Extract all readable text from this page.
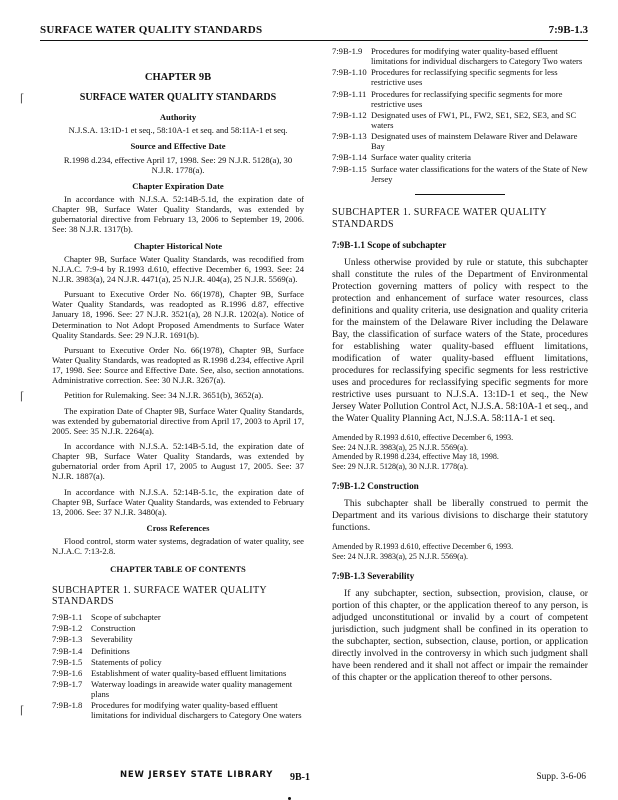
SURFACE WATER QUALITY STANDARDS	7:9B-1.3
⌈
⌈
⌈
CHAPTER 9B
SURFACE WATER QUALITY STANDARDS
Authority

N.J.S.A. 13:1D-1 et seq., 58:10A-1 et seq. and 58:11A-1 et seq.

Source and Effective Date

R.1998 d.234, effective April 17, 1998. See: 29 N.J.R. 5128(a), 30 N.J.R. 1778(a).

Chapter Expiration Date

In accordance with N.J.S.A. 52:14B-5.1d, the expiration date of Chapter 9B, Surface Water Quality Standards, was extended by gubernatorial directive from February 13, 2006 to September 19, 2006. See: 38 N.J.R. 1317(b).

Chapter Historical Note

Chapter 9B, Surface Water Quality Standards, was recodified from N.J.A.C. 7:9-4 by R.1993 d.610, effective December 6, 1993. See: 24 N.J.R. 3983(a), 24 N.J.R. 4471(a), 25 N.J.R. 404(a), 25 N.J.R. 5569(a).

Pursuant to Executive Order No. 66(1978), Chapter 9B, Surface Water Quality Standards, was readopted as R.1996 d.87, effective January 18, 1996. See: 27 N.J.R. 3521(a), 28 N.J.R. 1202(a). Notice of Determination to Not Adopt Proposed Amendments to Surface Water Quality Standards. See: 29 N.J.R. 1691(b).

Pursuant to Executive Order No. 66(1978), Chapter 9B, Surface Water Quality Standards, was readopted as R.1998 d.234, effective April 17, 1998. See: Source and Effective Date. See, also, section annotations. Administrative correction. See: 30 N.J.R. 3267(a).

Petition for Rulemaking. See: 34 N.J.R. 3651(b), 3652(a).

The expiration Date of Chapter 9B, Surface Water Quality Standards, was extended by gubernatorial directive from April 17, 2003 to April 17, 2005. See: 35 N.J.R. 2264(a).

In accordance with N.J.S.A. 52:14B-5.1d, the expiration date of Chapter 9B, Surface Water Quality Standards, was extended by gubernatorial order from April 17, 2005 to August 17, 2005. See: 37 N.J.R. 1887(a).

In accordance with N.J.S.A. 52:14B-5.1c, the expiration date of Chapter 9B, Surface Water Quality Standards, was extended to February 13, 2006. See: 37 N.J.R. 3480(a).

Cross References

Flood control, storm water systems, degradation of water quality, see N.J.A.C. 7:13-2.8.

CHAPTER TABLE OF CONTENTS
SUBCHAPTER 1. SURFACE WATER QUALITY STANDARDS
7:9B-1.1	Scope of subchapter
7:9B-1.2	Construction
7:9B-1.3	Severability
7:9B-1.4	Definitions
7:9B-1.5	Statements of policy
7:9B-1.6	Establishment of water quality-based effluent limitations
7:9B-1.7	Waterway loadings in areawide water quality management plans
7:9B-1.8	Procedures for modifying water quality-based effluent limitations for individual dischargers to Category One waters
7:9B-1.9	Procedures for modifying water quality-based effluent limitations for individual dischargers to Category Two waters
7:9B-1.10 Procedures for reclassifying specific segments for less restrictive uses
7:9B-1.11 Procedures for reclassifying specific segments for more restrictive uses
7:9B-1.12 Designated uses of FW1, PL, FW2, SE1, SE2, SE3, and SC waters
7:9B-1.13 Designated uses of mainstem Delaware River and Delaware Bay
7:9B-1.14 Surface water quality criteria
7:9B-1.15 Surface water classifications for the waters of the State of New Jersey
SUBCHAPTER 1. SURFACE WATER QUALITY STANDARDS
7:9B-1.1 Scope of subchapter

Unless otherwise provided by rule or statute, this subchapter shall constitute the rules of the Department of Environmental Protection governing matters of policy with respect to the protection and enhancement of surface water resources, class definitions and quality criteria, use designation and quality criteria for the mainstem of the Delaware River including the Delaware Bay, the classification of surface waters of the State, procedures for establishing water quality-based effluent limitations, modification of water quality-based effluent limitations, procedures for reclassifying specific segments for less restrictive uses and procedures for reclassifying specific segments for more restrictive uses pursuant to N.J.S.A. 13:1D-1 et seq., the New Jersey Water Pollution Control Act, N.J.S.A. 58:10A-1 et seq., and the Water Quality Planning Act, N.J.S.A. 58:11A-1 et seq.

Amended by R.1993 d.610, effective December 6, 1993.
See: 24 N.J.R. 3983(a), 25 N.J.R. 5569(a).
Amended by R.1998 d.234, effective May 18, 1998.
See: 29 N.J.R. 5128(a), 30 N.J.R. 1778(a).
7:9B-1.2 Construction

This subchapter shall be liberally construed to permit the Department and its various divisions to discharge their statutory functions.

Amended by R.1993 d.610, effective December 6, 1993.
See: 24 N.J.R. 3983(a), 25 N.J.R. 5569(a).
7:9B-1.3 Severability

If any subchapter, section, subsection, provision, clause, or portion of this chapter, or the application thereof to any person, is adjudged unconstitutional or invalid by a court of competent jurisdiction, such judgment shall be confined in its operation to the subchapter, section, subsection, clause, portion, or application directly involved in the controversy in which such judgment shall have been rendered and it shall not affect or impair the remainder of this chapter or the application thereof to other persons.

NEW JERSEY STATE LIBRARY 9B-1	Supp. 3-6-06
